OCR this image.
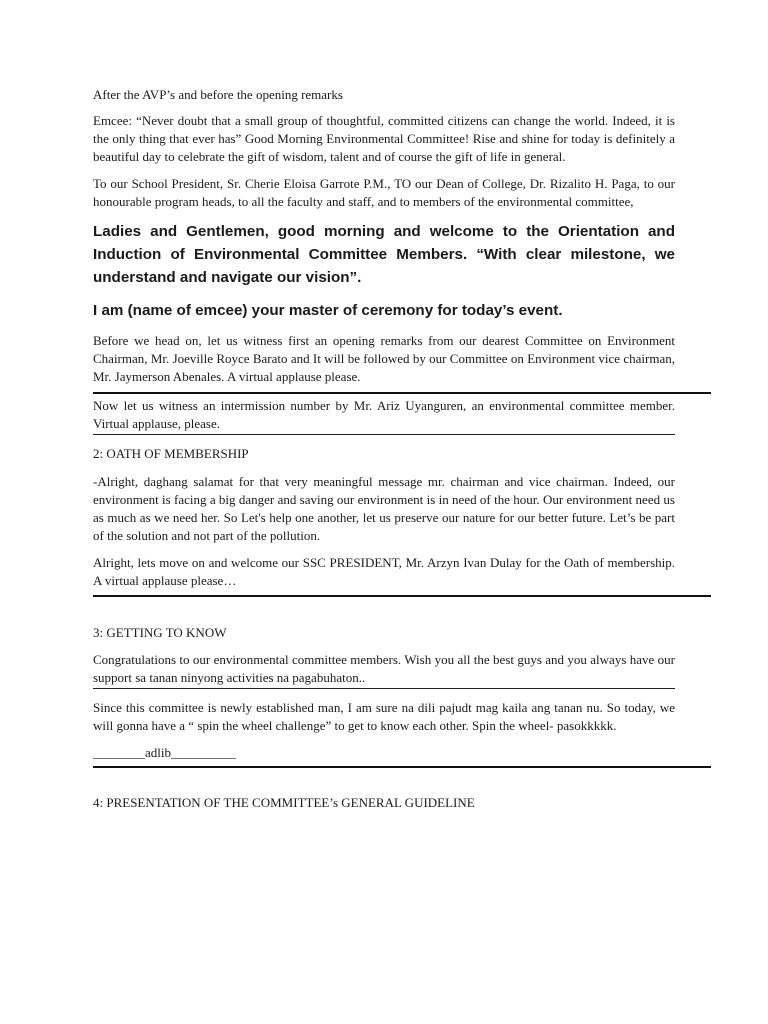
After the AVP’s and before the opening remarks

Emcee: “Never doubt that a small group of thoughtful, committed citizens can change the world. Indeed, it is the only thing that ever has” Good Morning Environmental Committee! Rise and shine for today is definitely a beautiful day to celebrate the gift of wisdom, talent and of course the gift of life in general.

To our School President, Sr. Cherie Eloisa Garrote P.M., TO our Dean of College, Dr. Rizalito H. Paga, to our honourable program heads, to all the faculty and staff, and to members of the environmental committee,

Ladies and Gentlemen, good morning and welcome to the Orientation and Induction of Environmental Committee Members. “With clear milestone, we understand and navigate our vision”.

I am (name of emcee) your master of ceremony for today’s event.

Before we head on, let us witness first an opening remarks from our dearest Committee on Environment Chairman, Mr. Joeville Royce Barato and It will be followed by our Committee on Environment vice chairman, Mr. Jaymerson Abenales. A virtual applause please.

Now let us witness an intermission number by Mr. Ariz Uyanguren, an environmental committee member. Virtual applause, please.

2: OATH OF MEMBERSHIP

-Alright, daghang salamat for that very meaningful message mr. chairman and vice chairman. Indeed, our environment is facing a big danger and saving our environment is in need of the hour. Our environment need us as much as we need her. So Let's help one another, let us preserve our nature for our better future. Let’s be part of the solution and not part of the pollution.

Alright, lets move on and welcome our SSC PRESIDENT, Mr. Arzyn Ivan Dulay for the Oath of membership. A virtual applause please…

3: GETTING TO KNOW

Congratulations to our environmental committee members. Wish you all the best guys and you always have our support sa tanan ninyong activities na pagabuhaton..

Since this committee is newly established man, I am sure na dili pajudt mag kaila ang tanan nu. So today, we will gonna have a “ spin the wheel challenge” to get to know each other. Spin the wheel- pasokkkkk.

________adlib__________

4: PRESENTATION OF THE COMMITTEE’s GENERAL GUIDELINE
